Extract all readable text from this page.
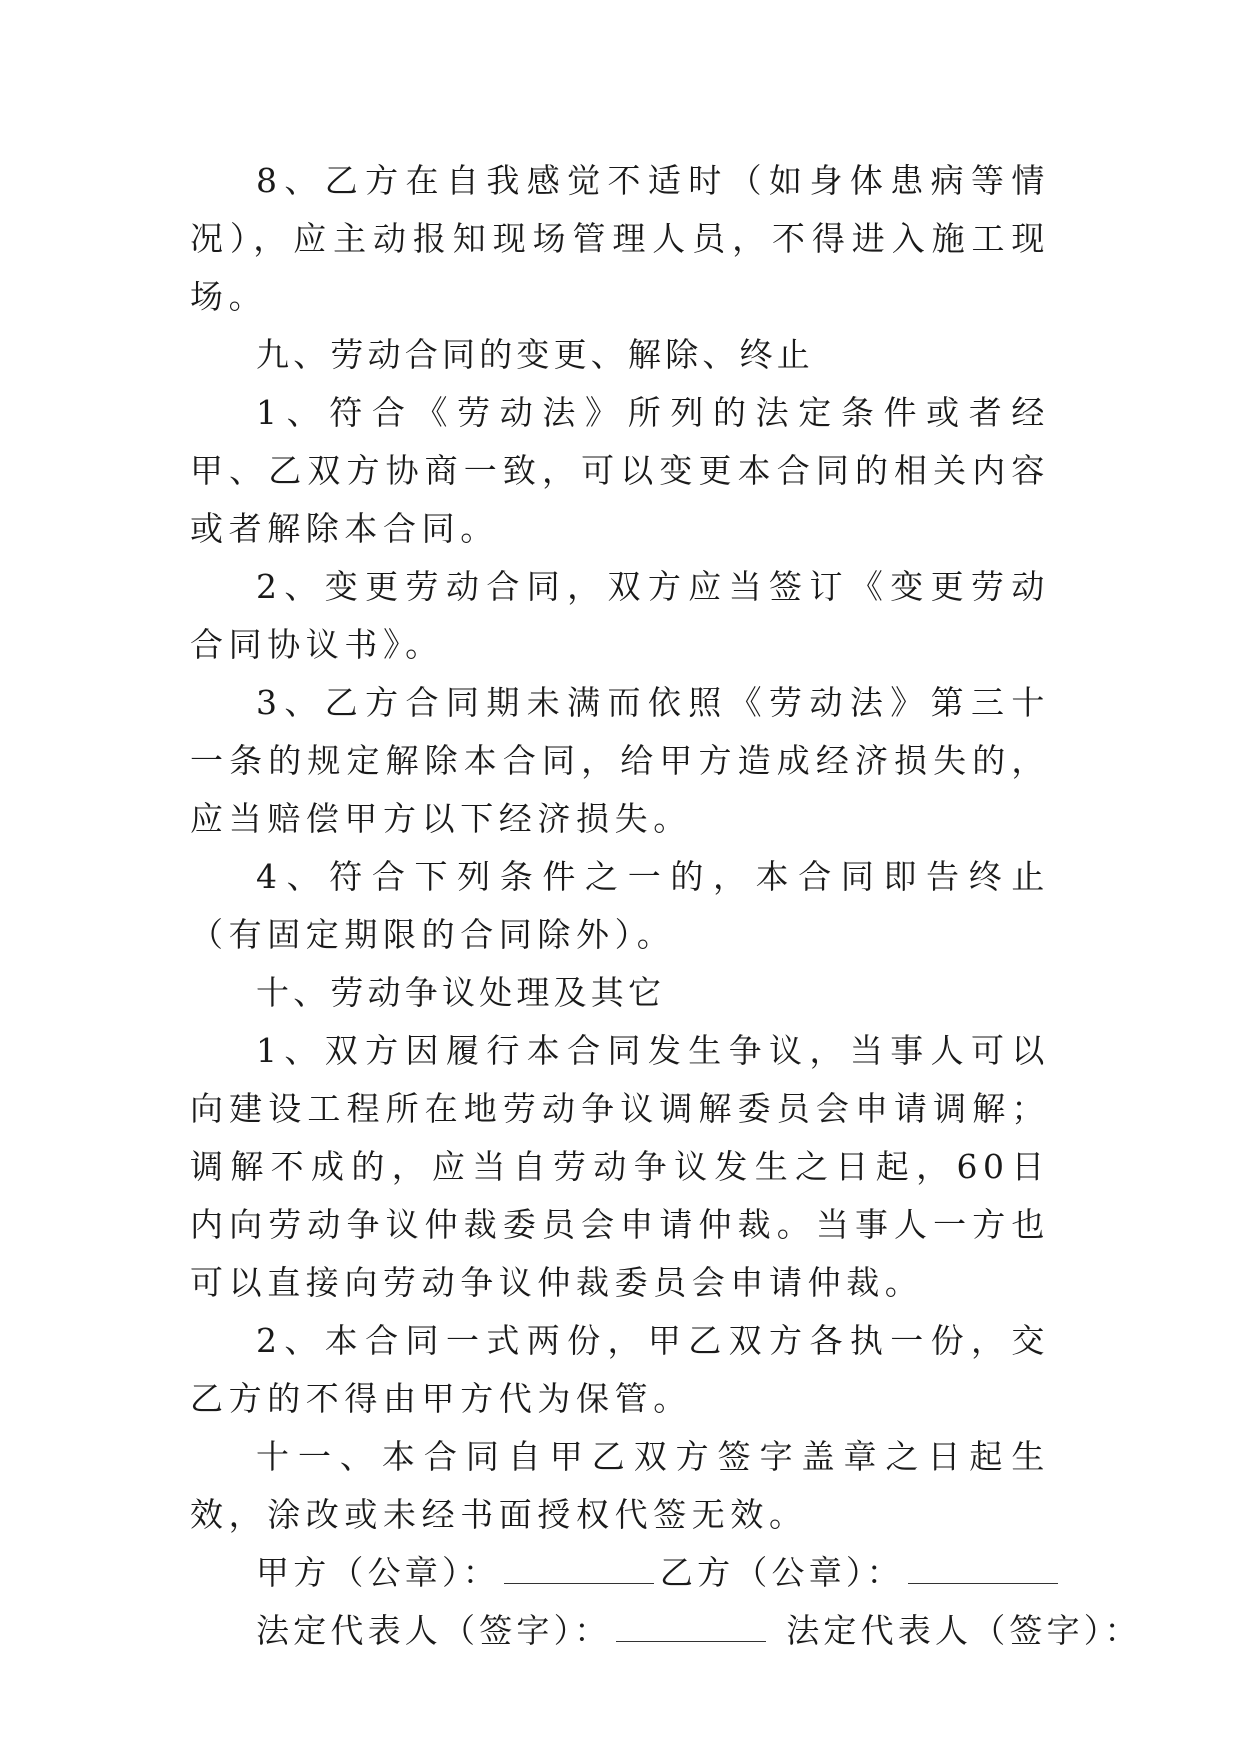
8、乙方在自我感觉不适时（如身体患病等情况），应主动报知现场管理人员，不得进入施工现场。

九、劳动合同的变更、解除、终止

1、符合《劳动法》所列的法定条件或者经甲、乙双方协商一致，可以变更本合同的相关内容或者解除本合同。

2、变更劳动合同，双方应当签订《变更劳动合同协议书》。

3、乙方合同期未满而依照《劳动法》第三十一条的规定解除本合同，给甲方造成经济损失的，应当赔偿甲方以下经济损失。

4、符合下列条件之一的，本合同即告终止（有固定期限的合同除外）。

十、劳动争议处理及其它

1、双方因履行本合同发生争议，当事人可以向建设工程所在地劳动争议调解委员会申请调解；调解不成的，应当自劳动争议发生之日起，60日内向劳动争议仲裁委员会申请仲裁。当事人一方也可以直接向劳动争议仲裁委员会申请仲裁。

2、本合同一式两份，甲乙双方各执一份，交乙方的不得由甲方代为保管。

十一、本合同自甲乙双方签字盖章之日起生效，涂改或未经书面授权代签无效。

甲方（公章）：	乙方（公章）：
法定代表人（签字）：	法定代表人（签字）：
